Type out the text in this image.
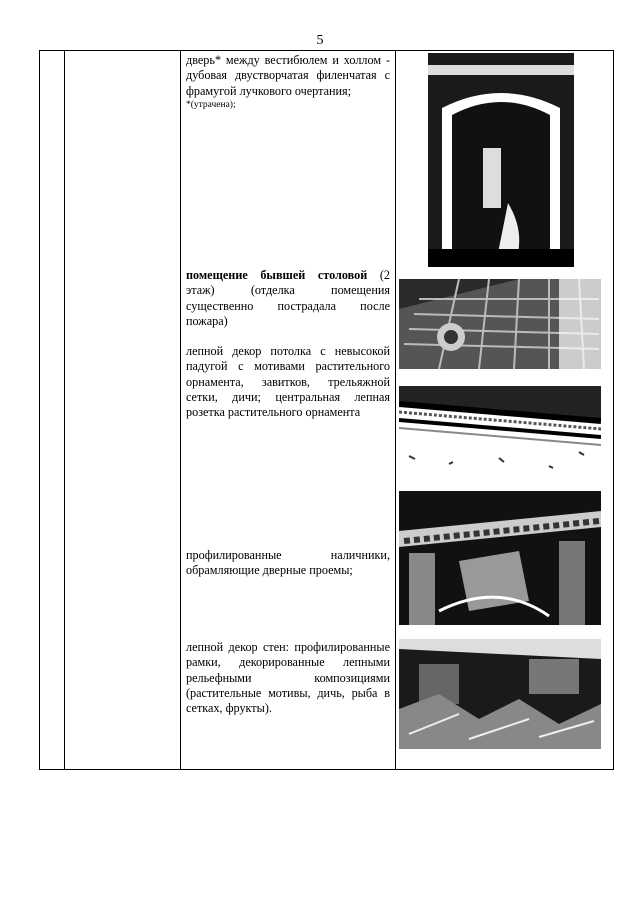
5

дверь* между вестибюлем и холлом - дубовая двустворчатая филенчатая с фрамугой лучкового очертания;

*(утрачена);

помещение бывшей столовой (2 этаж) (отделка помещения существенно пострадала после пожара)

лепной декор потолка с невысокой падугой с мотивами растительного орнамента, завитков, трельяжной сетки, дичи; центральная лепная розетка растительного орнамента

профилированные наличники, обрамляющие дверные проемы;

лепной декор стен: профилированные рамки, декорированные лепными рельефными композициями (растительные мотивы, дичь, рыба в сетках, фрукты).
